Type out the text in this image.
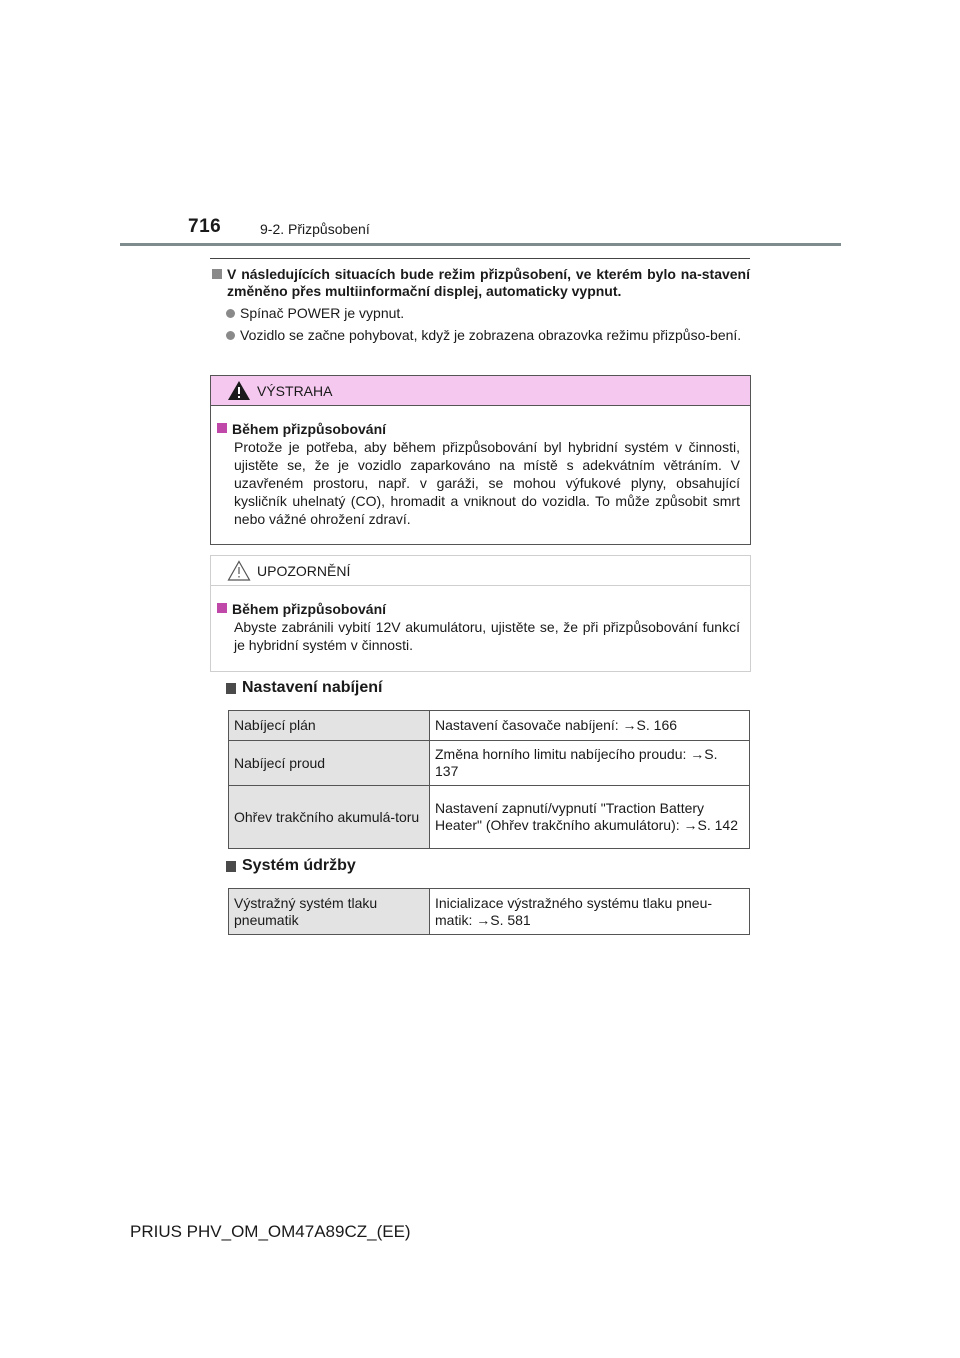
716	9-2. Přizpůsobení
V následujících situacích bude režim přizpůsobení, ve kterém bylo na-stavení změněno přes multiinformační displej, automaticky vypnut.
Spínač POWER je vypnut.
Vozidlo se začne pohybovat, když je zobrazena obrazovka režimu přizpůso-bení.
VÝSTRAHA
Během přizpůsobování
Protože je potřeba, aby během přizpůsobování byl hybridní systém v činnosti, ujistěte se, že je vozidlo zaparkováno na místě s adekvátním větráním. V uzavřeném prostoru, např. v garáži, se mohou výfukové plyny, obsahující kysličník uhelnatý (CO), hromadit a vniknout do vozidla. To může způsobit smrt nebo vážné ohrožení zdraví.
UPOZORNĚNÍ
Během přizpůsobování
Abyste zabránili vybití 12V akumulátoru, ujistěte se, že při přizpůsobování funkcí je hybridní systém v činnosti.
Nastavení nabíjení
Nabíjecí plán	Nastavení časovače nabíjení: →S. 166
Nabíjecí proud	Změna horního limitu nabíjecího proudu: →S. 137
Ohřev trakčního akumulá-toru	Nastavení zapnutí/vypnutí "Traction Battery Heater" (Ohřev trakčního akumulátoru): →S. 142
Systém údržby
Výstražný systém tlaku pneumatik	Inicializace výstražného systému tlaku pneu-matik: →S. 581
PRIUS PHV_OM_OM47A89CZ_(EE)
